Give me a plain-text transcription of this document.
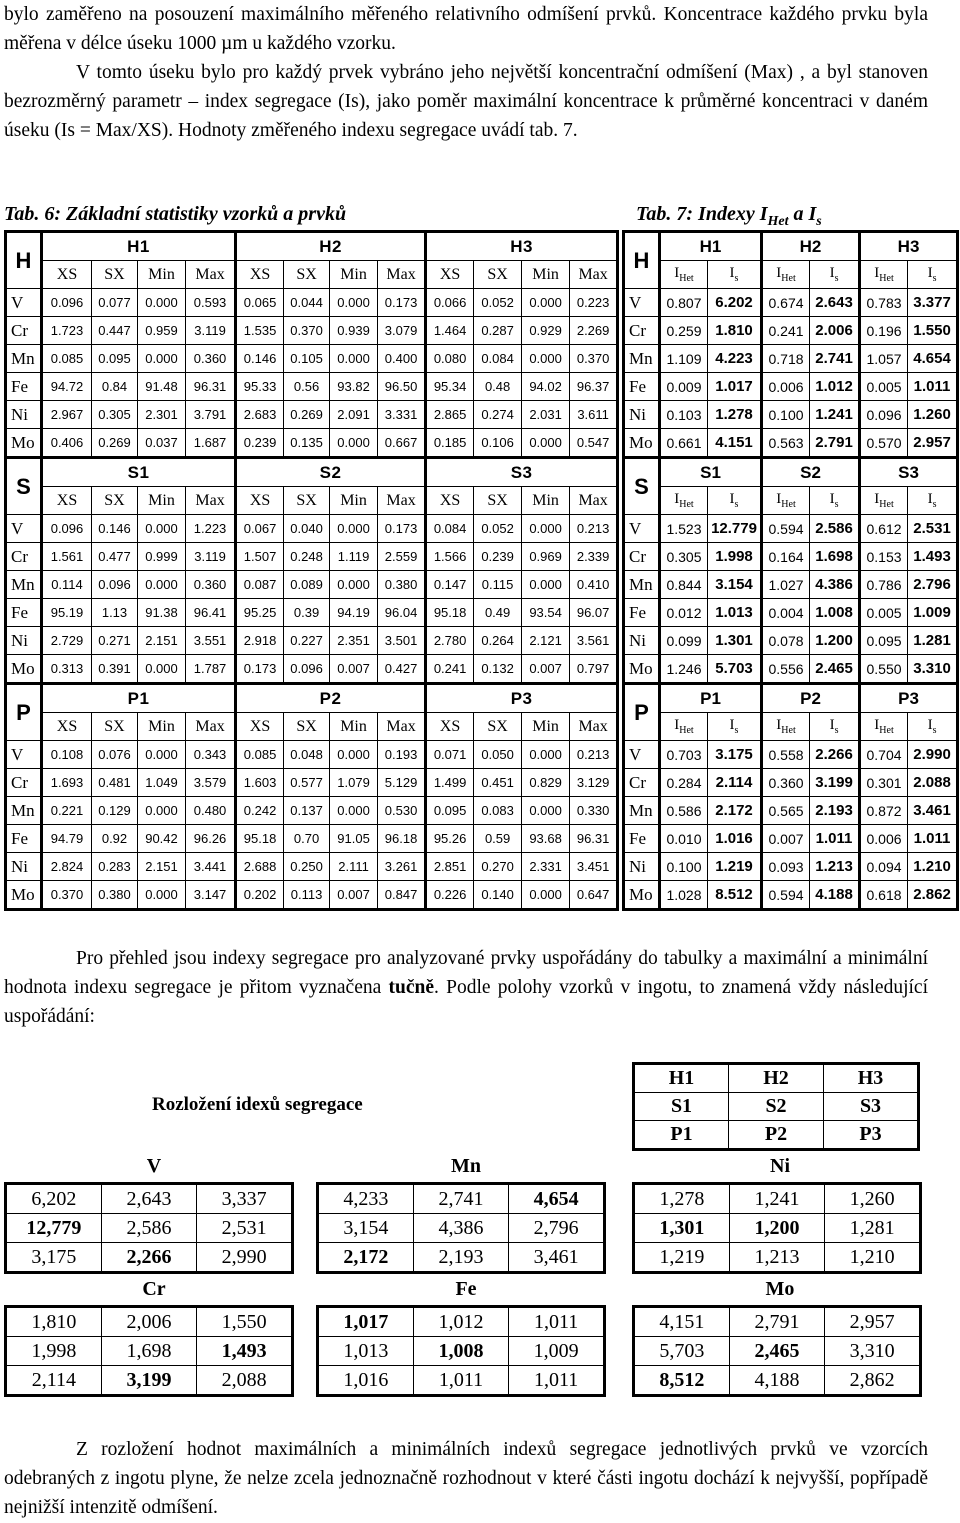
bylo zaměřeno na posouzení maximálního měřeného relativního odmíšení prvků. Koncentrace každého prvku byla měřena v délce úseku 1000 µm u každého vzorku.
V tomto úseku bylo pro každý prvek vybráno jeho největší koncentrační odmíšení (Max) , a byl stanoven bezrozměrný parametr – index segregace (Is), jako poměr maximální koncentrace k průměrné koncentraci v daném úseku (Is = Max/XS). Hodnoty změřeného indexu segregace uvádí tab. 7.

Tab. 6: Základní statistiky vzorků a prvků	Tab. 7: Indexy $I_{Het}$ a $I_s$
H	H1				H2				H3			
	XS	SX	Min	Max	XS	SX	Min	Max	XS	SX	Min	Max
V	0.096	0.077	0.000	0.593	0.065	0.044	0.000	0.173	0.066	0.052	0.000	0.223
Cr	1.723	0.447	0.959	3.119	1.535	0.370	0.939	3.079	1.464	0.287	0.929	2.269
Mn	0.085	0.095	0.000	0.360	0.146	0.105	0.000	0.400	0.080	0.084	0.000	0.370
Fe	94.72	0.84	91.48	96.31	95.33	0.56	93.82	96.50	95.34	0.48	94.02	96.37
Ni	2.967	0.305	2.301	3.791	2.683	0.269	2.091	3.331	2.865	0.274	2.031	3.611
Mo	0.406	0.269	0.037	1.687	0.239	0.135	0.000	0.667	0.185	0.106	0.000	0.547
S	S1				S2				S3			
	XS	SX	Min	Max	XS	SX	Min	Max	XS	SX	Min	Max
V	0.096	0.146	0.000	1.223	0.067	0.040	0.000	0.173	0.084	0.052	0.000	0.213
Cr	1.561	0.477	0.999	3.119	1.507	0.248	1.119	2.559	1.566	0.239	0.969	2.339
Mn	0.114	0.096	0.000	0.360	0.087	0.089	0.000	0.380	0.147	0.115	0.000	0.410
Fe	95.19	1.13	91.38	96.41	95.25	0.39	94.19	96.04	95.18	0.49	93.54	96.07
Ni	2.729	0.271	2.151	3.551	2.918	0.227	2.351	3.501	2.780	0.264	2.121	3.561
Mo	0.313	0.391	0.000	1.787	0.173	0.096	0.007	0.427	0.241	0.132	0.007	0.797
P	P1				P2				P3			
	XS	SX	Min	Max	XS	SX	Min	Max	XS	SX	Min	Max
V	0.108	0.076	0.000	0.343	0.085	0.048	0.000	0.193	0.071	0.050	0.000	0.213
Cr	1.693	0.481	1.049	3.579	1.603	0.577	1.079	5.129	1.499	0.451	0.829	3.129
Mn	0.221	0.129	0.000	0.480	0.242	0.137	0.000	0.530	0.095	0.083	0.000	0.330
Fe	94.79	0.92	90.42	96.26	95.18	0.70	91.05	96.18	95.26	0.59	93.68	96.31
Ni	2.824	0.283	2.151	3.441	2.688	0.250	2.111	3.261	2.851	0.270	2.331	3.451
Mo	0.370	0.380	0.000	3.147	0.202	0.113	0.007	0.847	0.226	0.140	0.000	0.647
H	H1		H2		H3	
	$I_{Het}$	$I_s$	$I_{Het}$	$I_s$	$I_{Het}$	$I_s$
V	0.807	6.202	0.674	2.643	0.783	3.377
Cr	0.259	1.810	0.241	2.006	0.196	1.550
Mn	1.109	4.223	0.718	2.741	1.057	4.654
Fe	0.009	1.017	0.006	1.012	0.005	1.011
Ni	0.103	1.278	0.100	1.241	0.096	1.260
Mo	0.661	4.151	0.563	2.791	0.570	2.957
S	S1		S2		S3	
	$I_{Het}$	$I_s$	$I_{Het}$	$I_s$	$I_{Het}$	$I_s$
V	1.523	12.779	0.594	2.586	0.612	2.531
Cr	0.305	1.998	0.164	1.698	0.153	1.493
Mn	0.844	3.154	1.027	4.386	0.786	2.796
Fe	0.012	1.013	0.004	1.008	0.005	1.009
Ni	0.099	1.301	0.078	1.200	0.095	1.281
Mo	1.246	5.703	0.556	2.465	0.550	3.310
P	P1		P2		P3	
	$I_{Het}$	$I_s$	$I_{Het}$	$I_s$	$I_{Het}$	$I_s$
V	0.703	3.175	0.558	2.266	0.704	2.990
Cr	0.284	2.114	0.360	3.199	0.301	2.088
Mn	0.586	2.172	0.565	2.193	0.872	3.461
Fe	0.010	1.016	0.007	1.011	0.006	1.011
Ni	0.100	1.219	0.093	1.213	0.094	1.210
Mo	1.028	8.512	0.594	4.188	0.618	2.862

Pro přehled jsou indexy segregace pro analyzované prvky uspořádány do tabulky a maximální a minimální hodnota indexu segregace je přitom vyznačena tučně. Podle polohy vzorků v ingotu, to znamená vždy následující uspořádání:

Rozložení idexů segregace
H1	H2	H3
S1	S2	S3
P1	P2	P3
V
6,202	2,643	3,337
12,779	2,586	2,531
3,175	2,266	2,990
Mn
4,233	2,741	4,654
3,154	4,386	2,796
2,172	2,193	3,461
Ni
1,278	1,241	1,260
1,301	1,200	1,281
1,219	1,213	1,210
Cr
1,810	2,006	1,550
1,998	1,698	1,493
2,114	3,199	2,088
Fe
1,017	1,012	1,011
1,013	1,008	1,009
1,016	1,011	1,011
Mo
4,151	2,791	2,957
5,703	2,465	3,310
8,512	4,188	2,862

Z rozložení hodnot maximálních a minimálních indexů segregace jednotlivých prvků ve vzorcích odebraných z ingotu plyne, že nelze zcela jednoznačně rozhodnout v které části ingotu dochází k nejvyšší, popřípadě nejnižší intenzitě odmíšení.
